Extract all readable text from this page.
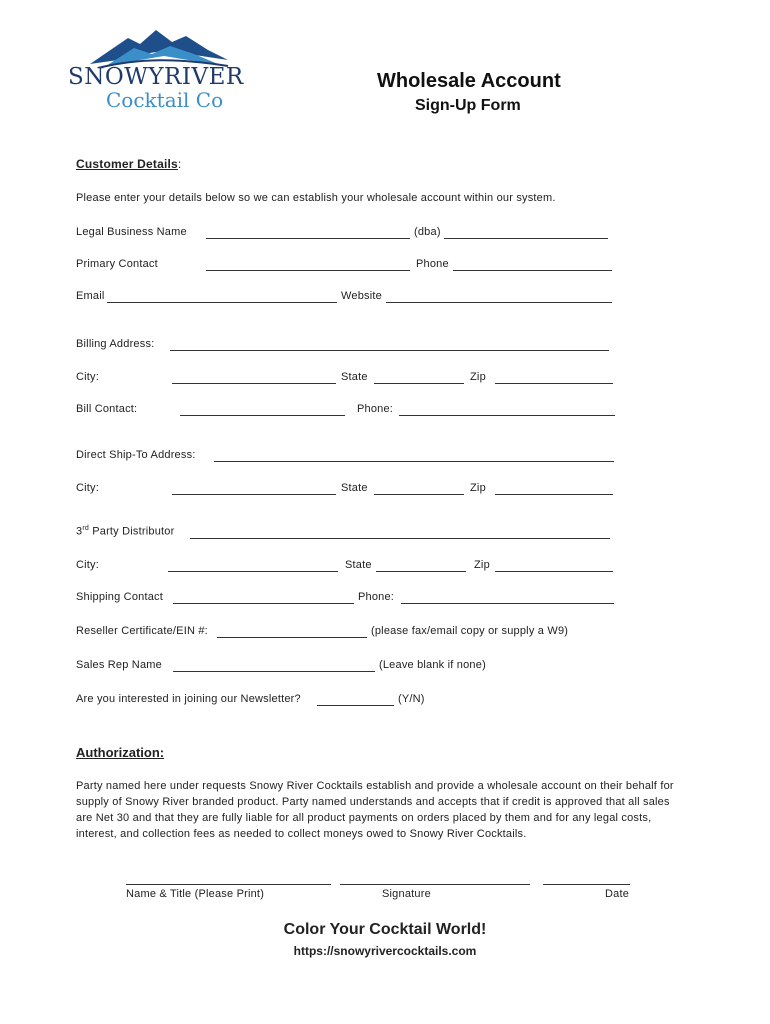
SNOWYRIVER
Cocktail Co
Wholesale Account
Sign-Up Form
Customer Details:
Please enter your details below so we can establish your wholesale account within our system.
Legal Business Name	(dba)
Primary Contact	Phone
Email	Website
Billing Address:
City:	State	Zip
Bill Contact:	Phone:
Direct Ship-To Address:
City:	State	Zip
3rd Party Distributor
City:	State	Zip
Shipping Contact	Phone:
Reseller Certificate/EIN #:	(please fax/email copy or supply a W9)
Sales Rep Name	(Leave blank if none)
Are you interested in joining our Newsletter?	(Y/N)
Authorization:
Party named here under requests Snowy River Cocktails establish and provide a wholesale account on their behalf for supply of Snowy River branded product. Party named understands and accepts that if credit is approved that all sales are Net 30 and that they are fully liable for all product payments on orders placed by them and for any legal costs, interest, and collection fees as needed to collect moneys owed to Snowy River Cocktails.
Name & Title (Please Print)	Signature	Date
Color Your Cocktail World!
https://snowyrivercocktails.com
